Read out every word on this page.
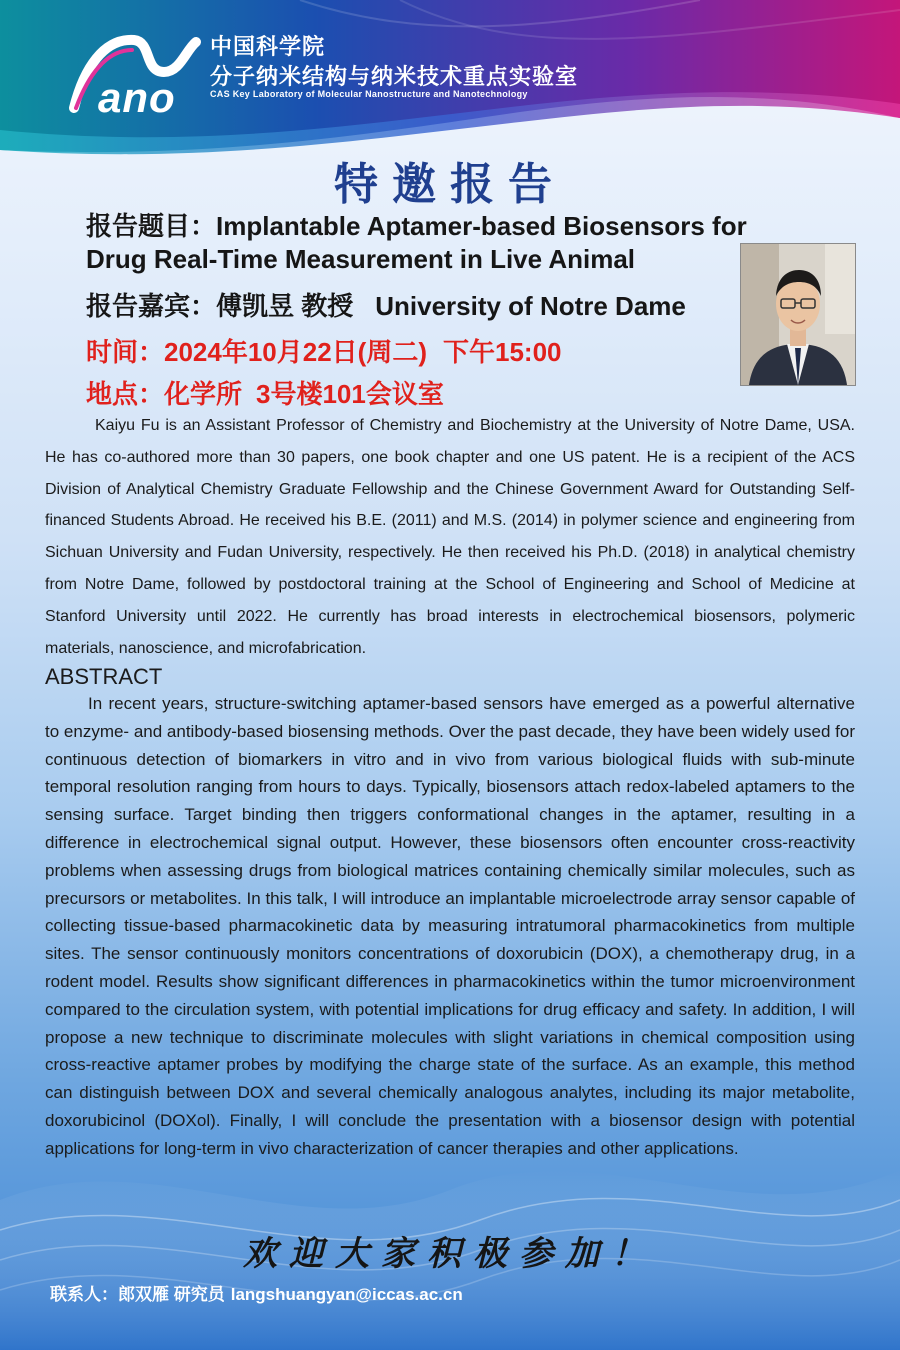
ano
中国科学院
分子纳米结构与纳米技术重点实验室
CAS Key Laboratory of Molecular Nanostructure and Nanotechnology
特邀报告
报告题目：Implantable Aptamer-based Biosensors for
Drug Real-Time Measurement in Live Animal
报告嘉宾：傅凯昱 教授 University of Notre Dame
时间：2024年10月22日(周二) 下午15:00
地点：化学所 3号楼101会议室

Kaiyu Fu is an Assistant Professor of Chemistry and Biochemistry at the University of Notre Dame, USA. He has co-authored more than 30 papers, one book chapter and one US patent. He is a recipient of the ACS Division of Analytical Chemistry Graduate Fellowship and the Chinese Government Award for Outstanding Self-financed Students Abroad. He received his B.E. (2011) and M.S. (2014) in polymer science and engineering from Sichuan University and Fudan University, respectively. He then received his Ph.D. (2018) in analytical chemistry from Notre Dame, followed by postdoctoral training at the School of Engineering and School of Medicine at Stanford University until 2022. He currently has broad interests in electrochemical biosensors, polymeric materials, nanoscience, and microfabrication.

ABSTRACT

In recent years, structure-switching aptamer-based sensors have emerged as a powerful alternative to enzyme- and antibody-based biosensing methods. Over the past decade, they have been widely used for continuous detection of biomarkers in vitro and in vivo from various biological fluids with sub-minute temporal resolution ranging from hours to days. Typically, biosensors attach redox-labeled aptamers to the sensing surface. Target binding then triggers conformational changes in the aptamer, resulting in a difference in electrochemical signal output. However, these biosensors often encounter cross-reactivity problems when assessing drugs from biological matrices containing chemically similar molecules, such as precursors or metabolites. In this talk, I will introduce an implantable microelectrode array sensor capable of collecting tissue-based pharmacokinetic data by measuring intratumoral pharmacokinetics from multiple sites. The sensor continuously monitors concentrations of doxorubicin (DOX), a chemotherapy drug, in a rodent model. Results show significant differences in pharmacokinetics within the tumor microenvironment compared to the circulation system, with potential implications for drug efficacy and safety. In addition, I will propose a new technique to discriminate molecules with slight variations in chemical composition using cross-reactive aptamer probes by modifying the charge state of the surface. As an example, this method can distinguish between DOX and several chemically analogous analytes, including its major metabolite, doxorubicinol (DOXol). Finally, I will conclude the presentation with a biosensor design with potential applications for long-term in vivo characterization of cancer therapies and other applications.

欢迎大家积极参加！
联系人：郎双雁 研究员 langshuangyan@iccas.ac.cn
